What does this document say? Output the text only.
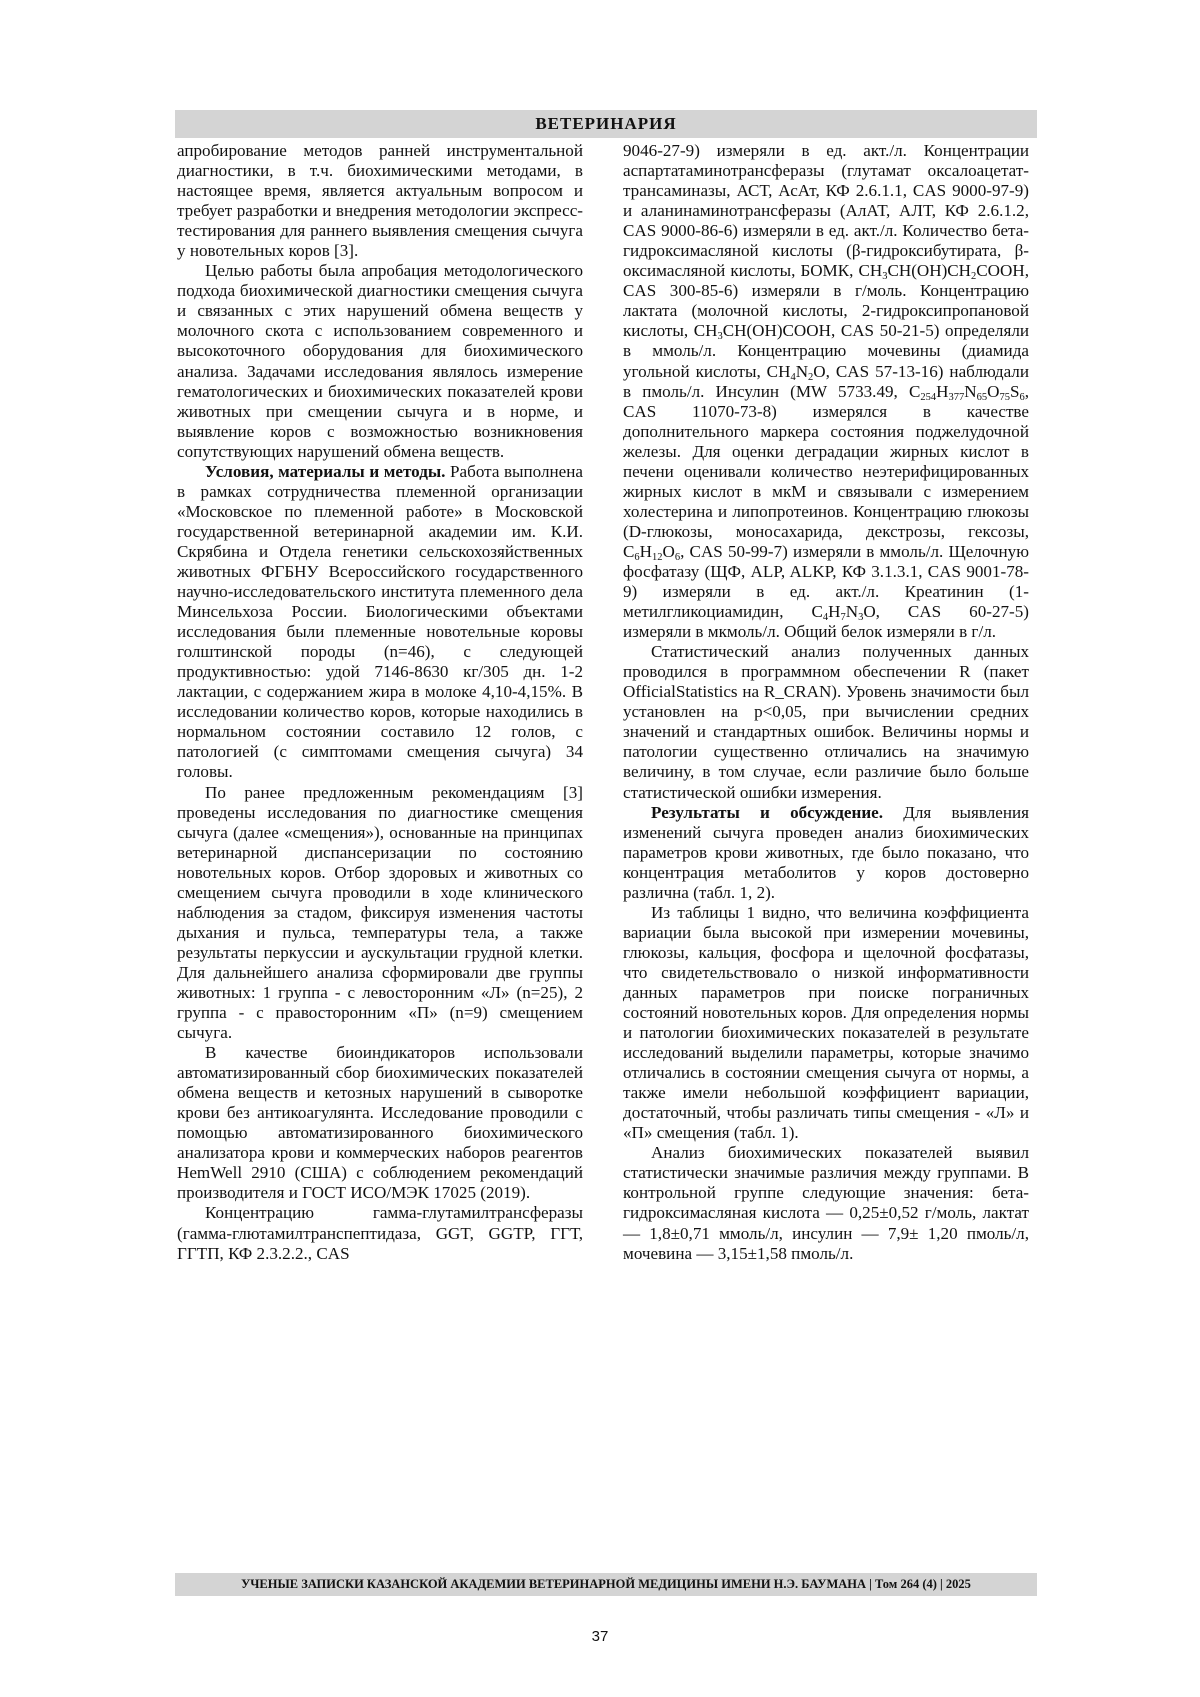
ВЕТЕРИНАРИЯ

апробирование методов ранней инструментальной диагностики, в т.ч. биохимическими методами, в настоящее время, является актуальным вопросом и требует разработки и внедрения методологии экспресс-тестирования для раннего выявления смещения сычуга у новотельных коров [3].

Целью работы была апробация методологического подхода биохимической диагностики смещения сычуга и связанных с этих нарушений обмена веществ у молочного скота с использованием современного и высокоточного оборудования для биохимического анализа. Задачами исследования являлось измерение гематологических и биохимических показателей крови животных при смещении сычуга и в норме, и выявление коров с возможностью возникновения сопутствующих нарушений обмена веществ.

Условия, материалы и методы. Работа выполнена в рамках сотрудничества племенной организации «Московское по племенной работе» в Московской государственной ветеринарной академии им. К.И. Скрябина и Отдела генетики сельскохозяйственных животных ФГБНУ Всероссийского государственного научно-исследовательского института племенного дела Минсельхоза России. Биологическими объектами исследования были племенные новотельные коровы голштинской породы (n=46), с следующей продуктивностью: удой 7146-8630 кг/305 дн. 1-2 лактации, с содержанием жира в молоке 4,10-4,15%. В исследовании количество коров, которые находились в нормальном состоянии составило 12 голов, с патологией (с симптомами смещения сычуга) 34 головы.

По ранее предложенным рекомендациям [3] проведены исследования по диагностике смещения сычуга (далее «смещения»), основанные на принципах ветеринарной диспансеризации по состоянию новотельных коров. Отбор здоровых и животных со смещением сычуга проводили в ходе клинического наблюдения за стадом, фиксируя изменения частоты дыхания и пульса, температуры тела, а также результаты перкуссии и аускультации грудной клетки. Для дальнейшего анализа сформировали две группы животных: 1 группа - с левосторонним «Л» (n=25), 2 группа - с правосторонним «П» (n=9) смещением сычуга.

В качестве биоиндикаторов использовали автоматизированный сбор биохимических показателей обмена веществ и кетозных нарушений в сыворотке крови без антикоагулянта. Исследование проводили с помощью автоматизированного биохимического анализатора крови и коммерческих наборов реагентов HemWell 2910 (США) с соблюдением рекомендаций производителя и ГОСТ ИСО/МЭК 17025 (2019).

Концентрацию гамма-глутамилтрансферазы (гамма-глютамилтранспептидаза, GGT, GGTP, ГГТ, ГГТП, КФ 2.3.2.2., CAS

9046-27-9) измеряли в ед. акт./л. Концентрации аспартатаминотрансферазы (глутамат оксалоацетат-трансаминазы, АСТ, АсАт, КФ 2.6.1.1, CAS 9000-97-9) и аланинаминотрансферазы (АлАТ, АЛТ, КФ 2.6.1.2, CAS 9000-86-6) измеряли в ед. акт./л. Количество бета-гидроксимасляной кислоты (β-гидроксибутирата, β-оксимасляной кислоты, БОМК, $CH_3CH(OH)CH_2COOH$, CAS 300-85-6) измеряли в г/моль. Концентрацию лактата (молочной кислоты, 2-гидроксипропановой кислоты, $CH_3CH(OH)COOH$, CAS 50-21-5) определяли в ммоль/л. Концентрацию мочевины (диамида угольной кислоты, $CH_4N_2O$, CAS 57-13-16) наблюдали в пмоль/л. Инсулин (MW 5733.49, $C_{254}H_{377}N_{65}O_{75}S_6$, CAS 11070-73-8) измерялся в качестве дополнительного маркера состояния поджелудочной железы. Для оценки деградации жирных кислот в печени оценивали количество неэтерифицированных жирных кислот в мкМ и связывали с измерением холестерина и липопротеинов. Концентрацию глюкозы (D-глюкозы, моносахарида, декстрозы, гексозы, $C_6H_{12}O_6$, CAS 50-99-7) измеряли в ммоль/л. Щелочную фосфатазу (ЩФ, ALP, ALKP, КФ 3.1.3.1, CAS 9001-78-9) измеряли в ед. акт./л. Креатинин (1-метилгликоциамидин, $C_4H_7N_3O$, CAS 60-27-5) измеряли в мкмоль/л. Общий белок измеряли в г/л.

Статистический анализ полученных данных проводился в программном обеспечении R (пакет OfficialStatistics на R_CRAN). Уровень значимости был установлен на p<0,05, при вычислении средних значений и стандартных ошибок. Величины нормы и патологии существенно отличались на значимую величину, в том случае, если различие было больше статистической ошибки измерения.

Результаты и обсуждение. Для выявления изменений сычуга проведен анализ биохимических параметров крови животных, где было показано, что концентрация метаболитов у коров достоверно различна (табл. 1, 2).

Из таблицы 1 видно, что величина коэффициента вариации была высокой при измерении мочевины, глюкозы, кальция, фосфора и щелочной фосфатазы, что свидетельствовало о низкой информативности данных параметров при поиске пограничных состояний новотельных коров. Для определения нормы и патологии биохимических показателей в результате исследований выделили параметры, которые значимо отличались в состоянии смещения сычуга от нормы, а также имели небольшой коэффициент вариации, достаточный, чтобы различать типы смещения - «Л» и «П» смещения (табл. 1).

Анализ биохимических показателей выявил статистически значимые различия между группами. В контрольной группе следующие значения: бета-гидроксимасляная кислота — 0,25±0,52 г/моль, лактат — 1,8±0,71 ммоль/л, инсулин — 7,9± 1,20 пмоль/л, мочевина — 3,15±1,58 пмоль/л.

УЧЕНЫЕ ЗАПИСКИ КАЗАНСКОЙ АКАДЕМИИ ВЕТЕРИНАРНОЙ МЕДИЦИНЫ ИМЕНИ Н.Э. БАУМАНА | Том 264 (4) | 2025
37
